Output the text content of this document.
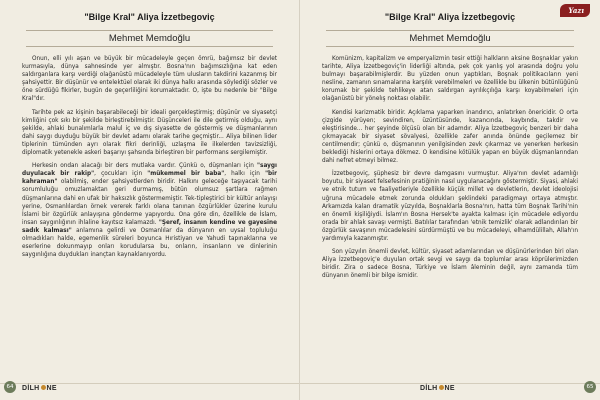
"Bilge Kral" Aliya İzzetbegoviç
Mehmet Memdoğlu

Onun, elli yılı aşan ve büyük bir mücadeleyle geçen ömrü, bağımsız bir devlet kurmasıyla, dünya sahnesinde yer almıştır. Bosna'nın bağımsızlığına kat eden saldırganlara karşı verdiği olağanüstü mücadeleyle tüm ulusların takdirini kazanmış bir şahsiyettir. Bir düşünür ve entelektüel olarak iki dünya halkı arasında söylediği sözler ve öne sürdüğü fikirler, bugün de geçerliliğini korumaktadır. O, işte bu nedenle bir "Bilge Kral"dır.

Tarihte pek az kişinin başarabileceği bir ideali gerçekleştirmiş; düşünür ve siyasetçi kimliğini çok sıkı bir şekilde birleştirebilmiştir. Düşünceleri ile dile getirmiş olduğu, aynı şekilde, ahlaki bunalımlarla malul iç ve dış siyasette de göstermiş ve düşmanlarının dahi saygı duyduğu büyük bir devlet adamı olarak tarihe geçmiştir... Aliya bilinen lider tiplerinin tümünden ayrı olarak fikri derinliği, uzlaşma ile ilkelerden tavizsizliği, diplomatik yetenekle askeri başarıyı şahsında birleştiren bir performans sergilemiştir.

Herkesin ondan alacağı bir ders mutlaka vardır. Çünkü o, düşmanları için "saygı duyulacak bir rakip", çocukları için "mükemmel bir baba", halkı için "bir kahraman" olabilmiş, ender şahsiyetlerden biridir. Halkını geleceğe taşıyacak tarihi sorumluluğu omuzlamaktan geri durmamış, bütün olumsuz şartlara rağmen düşmanlarına dahi en ufak bir haksızlık göstermemiştir. Tek-tipleştirici bir kültür anlayışı yerine, Osmanlılardan örnek vererek farklı olana tanınan özgürlükler üzerine kurulu İslami bir özgürlük anlayışına gönderme yapıyordu. Ona göre din, özellikle de İslam, insan saygınlığının ihlaline kayıtsız kalamazdı. "Şeref, insanın kendine ve gayesine sadık kalması" anlamına gelirdi ve Osmanlılar da dünyanın en uysal topluluğu olmadıkları halde, egemenlik süreleri boyunca Hıristiyan ve Yahudi tapınaklarına ve eserlerine dokunmayıp onları korudularsa bu, onların, insanların ve dinlerinin saygınlığına duydukları inançtan kaynaklanıyordu.

64	DİLH NE
Yazı
"Bilge Kral" Aliya İzzetbegoviç
Mehmet Memdoğlu

Komünizm, kapitalizm ve emperyalizmin tesir ettiği halkların aksine Boşnaklar yakın tarihte, Aliya İzzetbegoviç'in liderliği altında, pek çok yanlış yol arasında doğru yolu bulmayı başarabilmişlerdir. Bu yüzden onun yaptıkları, Boşnak politikacıların yeni nesline, zamanın sınamalarına karşılık verebilmeleri ve özellikle bu ülkenin bütünlüğünü korumak bir şekilde tehlikeye atan saldırgan ayrılıkçılığa karşı koyabilmeleri için olağanüstü bir yönelış noktası olabilir.

Kendisi karizmatik biridir. Açıklama yaparken inandırıcı, anlatırken önericidir. O orta çizgide yürüyen; sevindiren, üzüntüsünde, kazancında, kaybında, takdir ve eleştirisinde... her şeyinde ölçüsü olan bir adamdır. Aliya İzzetbegoviç benzeri bir daha çıkmayacak bir siyaset sövalyesi, özellikle zafer anında önünde geçilemez bir centilmendir; çünkü o, düşmanının yenilgisinden zevk çıkarmaz ve yenerken herkesin beklediği hislerini ortaya dökmez. O kendisine kötülük yapan en büyük düşmanlarından dahi nefret etmeyi bilmez.

İzzetbegoviç, şüphesiz bir devre damgasını vurmuştur. Aliya'nın devlet adamlığı boyutu, bir siyaset felsefesinin pratiğinin nasıl uygulanacağını göstermiştir. Siyasi, ahlaki ve etnik tutum ve faaliyetleriyle özellikle küçük millet ve devletlerin, devlet ideolojisi uğruna mücadele etmek zorunda oldukları şeklindeki paradigmayı ortaya atmıştır. Arkamızda kalan dramatik yüzyılda, Boşnaklarla Bosna'nın, hatta tüm Boşnak Tarihi'nin en önemli kişiliğiydi. İslam'ın Bosna Hersek'te ayakta kalması için mücadele ediyordu orada bir ahlak savaşı vermişti. Batılılar tarafından 'etnik temizlik' olarak adlandırılan bir özgürlük savaşının mücadelesini sürdürmüştü ve bu mücadeleyi, elhamdülillah, Allah'ın yardımıyla kazanmıştır.

Son yüzyılın önemli devlet, kültür, siyaset adamlarından ve düşünürlerinden biri olan Aliya İzzetbegoviç'e duyulan ortak sevgi ve saygı da toplumlar arası köprülerimizden biridir. Zira o sadece Bosna, Türkiye ve İslam âleminin değil, aynı zamanda tüm dünyanın önemli bir bilge ismidir.

DİLH NE	65
